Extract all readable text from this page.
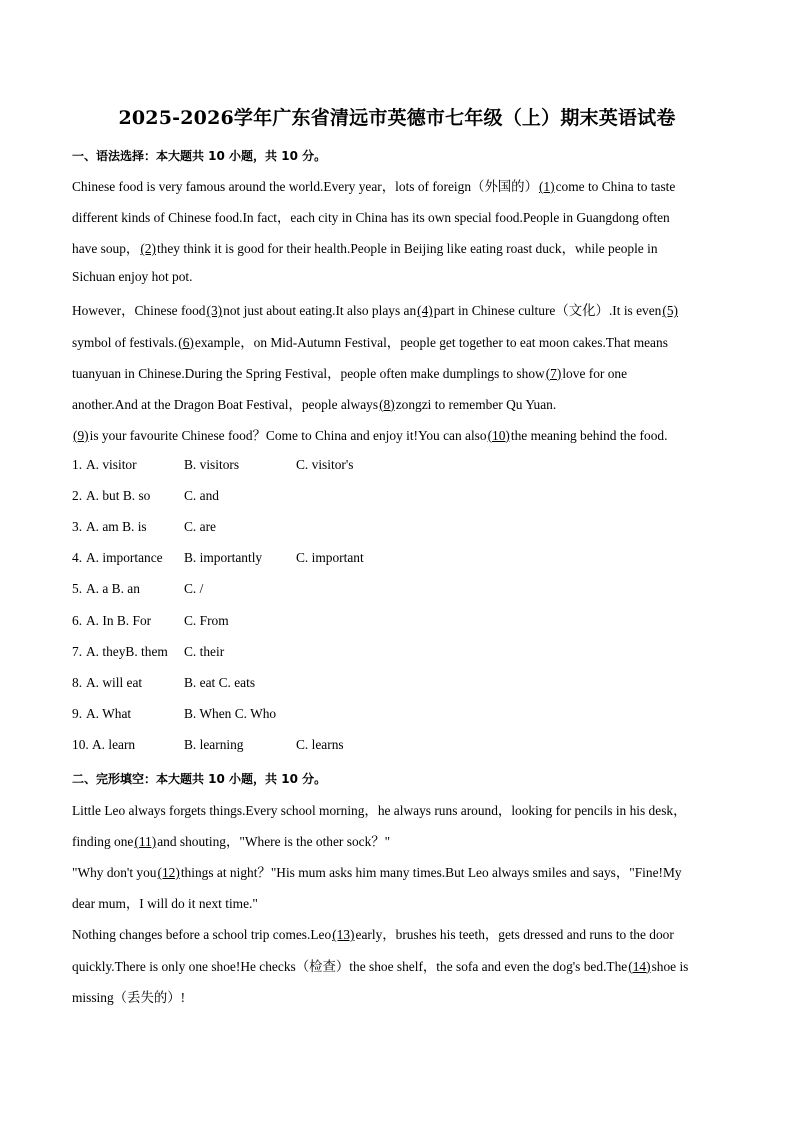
2025-2026学年广东省清远市英德市七年级（上）期末英语试卷
一、语法选择：本大题共 10 小题，共 10 分。
Chinese food is very famous around the world.Every year，lots of foreign（外国的）(1)come to China to taste
different kinds of Chinese food.In fact，each city in China has its own special food.People in Guangdong often
have soup，(2)they think it is good for their health.People in Beijing like eating roast duck，while people in
Sichuan enjoy hot pot.
However，Chinese food(3)not just about eating.It also plays an(4)part in Chinese culture（文化）.It is even(5)
symbol of festivals.(6)example，on Mid-Autumn Festival，people get together to eat moon cakes.That means
tuanyuan in Chinese.During the Spring Festival，people often make dumplings to show(7)love for one
another.And at the Dragon Boat Festival，people always(8)zongzi to remember Qu Yuan.
(9)is your favourite Chinese food？Come to China and enjoy it!You can also(10)the meaning behind the food.
1. A. visitor	B. visitors	C. visitor's
2. A. but B. so	C. and
3. A. am B. is	C. are
4. A. importance B. importantly	C. important
5. A. a B. an	C. /
6. A. In B. For C. From
7. A. theyB. them C. their
8. A. will eat	B. eat C. eats
9. A. What	B. When C. Who
10. A. learn	B. learning	C. learns
二、完形填空：本大题共 10 小题，共 10 分。
Little Leo always forgets things.Every school morning，he always runs around，looking for pencils in his desk，
finding one(11)and shouting，"Where is the other sock？"
"Why don't you(12)things at night？"His mum asks him many times.But Leo always smiles and says，"Fine!My
dear mum，I will do it next time."
Nothing changes before a school trip comes.Leo(13)early，brushes his teeth，gets dressed and runs to the door
quickly.There is only one shoe!He checks（检查）the shoe shelf，the sofa and even the dog's bed.The(14)shoe is
missing（丢失的）!
